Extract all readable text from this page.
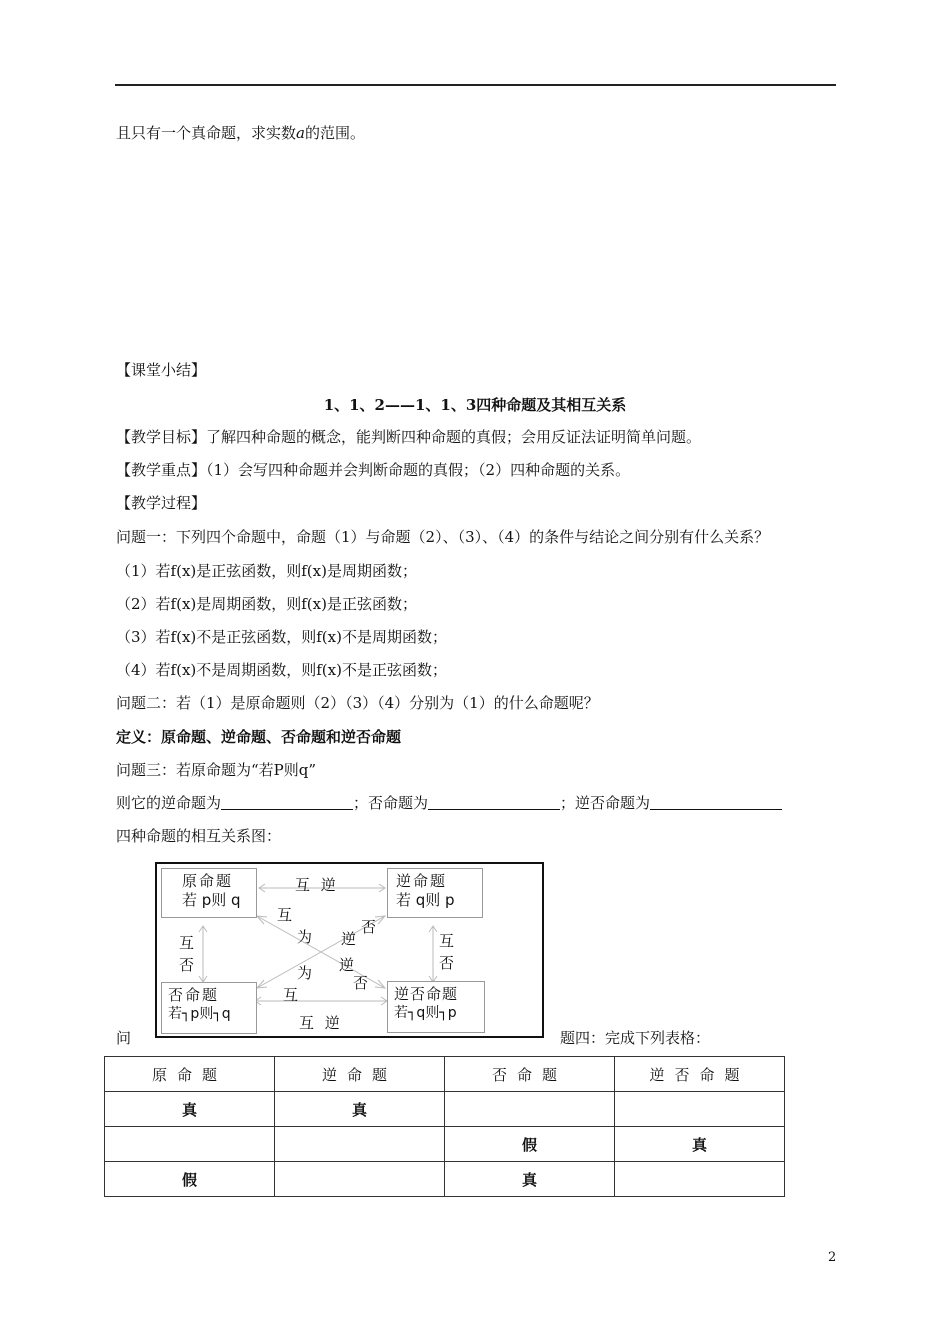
且只有一个真命题，求实数a的范围。
【课堂小结】
1、1、2——1、1、3四种命题及其相互关系
【教学目标】了解四种命题的概念，能判断四种命题的真假；会用反证法证明简单问题。
【教学重点】（1）会写四种命题并会判断命题的真假；（2）四种命题的关系。
【教学过程】
问题一：下列四个命题中，命题（1）与命题（2）、（3）、（4）的条件与结论之间分别有什么关系？
（1）若f(x)是正弦函数，则f(x)是周期函数；
（2）若f(x)是周期函数，则f(x)是正弦函数；
（3）若f(x)不是正弦函数，则f(x)不是周期函数；
（4）若f(x)不是周期函数，则f(x)不是正弦函数；
问题二：若（1）是原命题则（2）（3）（4）分别为（1）的什么命题呢？
定义：原命题、逆命题、否命题和逆否命题
问题三：若原命题为“若P则q”
则它的逆命题为	；否命题为	；逆否命题为
四种命题的相互关系图：
原命题
若 p则 q
逆命题
若 q则 p
否命题
若┐p则┐q
逆否命题
若┐q则┐p
互 逆
互 逆
互
否
互
否
互
为 逆
否
为
互
逆
否
问	题四：完成下列表格：
原命题	逆命题	否命题	逆否命题
真	真		
		假	真
假		真	
2
